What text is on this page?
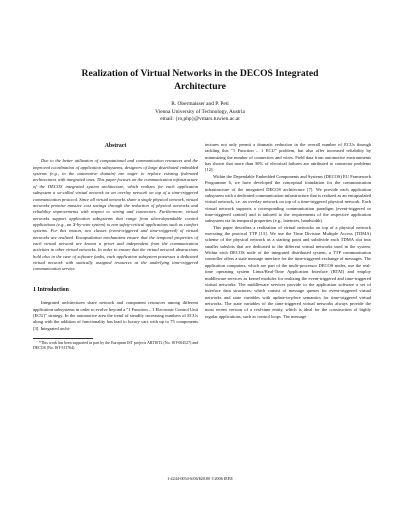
Realization of Virtual Networks in the DECOS Integrated
Architecture
R. Obermaisser and P. Peti
Vienna University of Technology, Austria
email: {ro,php}@vmars.tuwien.ac.at
Abstract

Due to the better utilization of computational and communication resources and the improved coordination of application subsystems, designers of large distributed embedded systems (e.g., in the automotive domain) are eager to replace existing federated architectures with integrated ones. This paper focuses on the communication infrastructure of the DECOS integrated system architecture, which realizes for each application subsystem a so-called virtual network as an overlay network on top of a time-triggered communication protocol. Since all virtual networks share a single physical network, virtual networks promise massive cost savings through the reduction of physical networks and reliability improvements with respect to wiring and connectors. Furthermore, virtual networks support application subsystems that range from ultra-dependable control applications (e.g., an X-by-wire system) to non safety-critical applications such as comfort systems. For this reason, two classes (event-triggered and time-triggered) of virtual networks are realized. Encapsulation mechanisms ensure that the temporal properties of each virtual network are known a priori and independent from the communication activities in other virtual networks. In order to ensure that the virtual network abstractions hold also in the case of software faults, each application subsystem possesses a dedicated virtual network with statically assigned resources at the underlying time-triggered communication service.

1 Introduction

Integrated architectures share network and component resources among different application subsystems in order to evolve beyond a "1 Function – 1 Electronic Control Unit (ECU)" strategy. In the automotive area the trend of steadily increasing numbers of ECUs along with the addition of functionality has lead to luxury cars with up to 75 components [3]. Integrated archi-

*This work has been supported in part by the European IST projects ARTIST2 (No. IST-004527) and DECOS (No. IST-511764).

tectures not only permit a dramatic reduction in the overall number of ECUs through tackling this "1 Function – 1 ECU" problem, but also offer increased reliability by minimizing the number of connectors and wires. Field data from automotive environments has shown that more than 30% of electrical failures are attributed to connector problems [12].

Within the Dependable Embedded Components and Systems (DECOS) EU Framework Programme 6, we have developed the conceptual foundation for the communication infrastructure of the integrated DECOS architecture [7]. We provide each application subsystem with a dedicated communication infrastructure that is realized as an encapsulated virtual network, i.e. an overlay network on top of a time-triggered physical network. Each virtual network supports a corresponding communication paradigm (event-triggered or time-triggered control) and is tailored to the requirements of the respective application subsystem via its temporal properties (e.g., latencies, bandwidth).

This paper describes a realization of virtual networks on top of a physical network executing the protocol TTP [13]. We use the Time Division Multiple Access (TDMA) scheme of the physical network as a starting point and subdivide each TDMA slot into smaller subslots that are dedicated to the different virtual networks used in the system. Within each DECOS node of the integrated distributed system, a TTP communication controller offers a state message interface for the time-triggered exchange of messages. The application computers, which are part of the multi-processor DECOS nodes, use the real-time operating system Linux/Real-Time Application Interface (RTAI) and employ middleware services as kernel modules for realizing the event-triggered and time-triggered virtual networks. The middleware services provide to the application software a set of interface data structures, which consist of message queues for event-triggered virtual networks and state variables with update-in-place semantics for time-triggered virtual networks. The state variables of the time-triggered virtual networks always provide the most recent version of a real-time entity, which is ideal for the construction of highly regular applications, such as control loops. The message

1-4244-0054-6/06/$20.00 ©2006 IEEE
